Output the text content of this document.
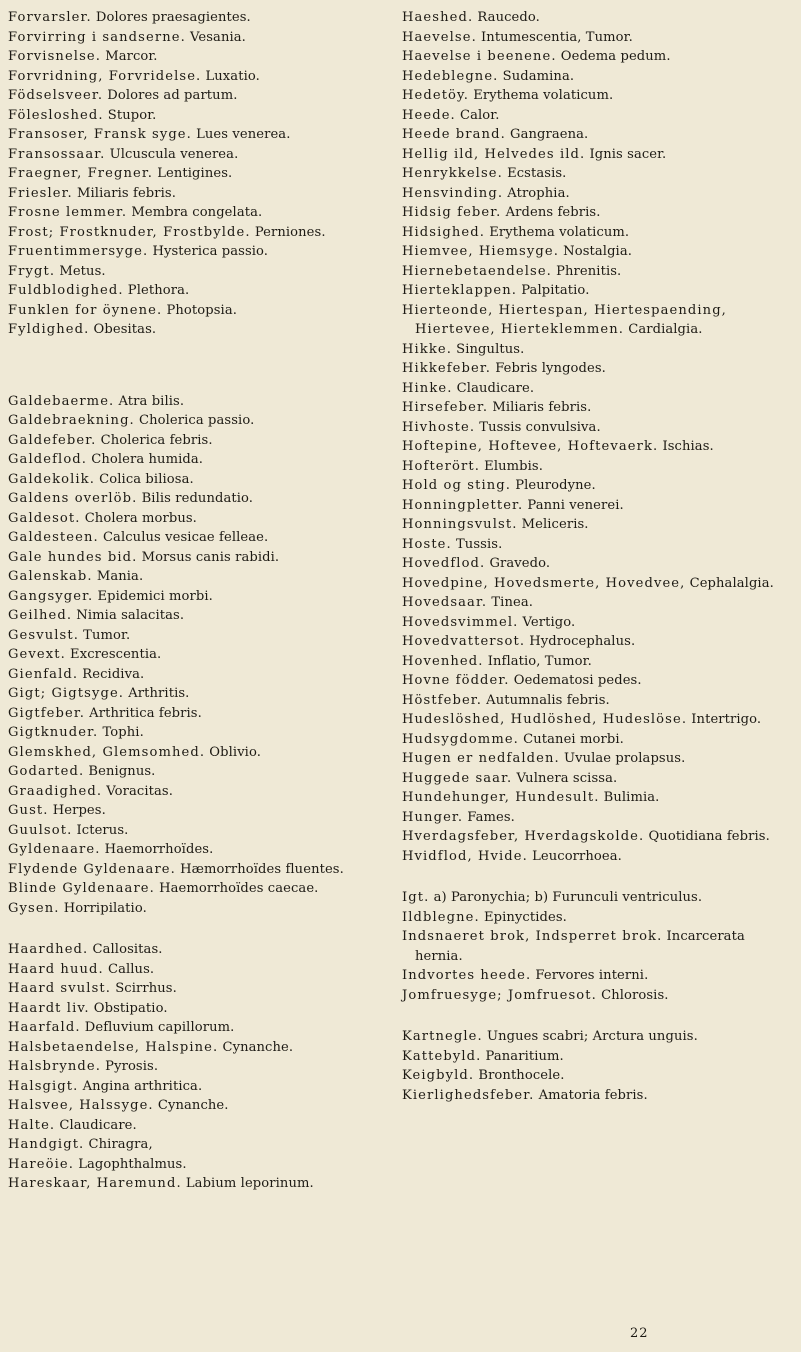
Forvarsler. Dolores praesagientes.
Forvirring i sandserne. Vesania.
Forvisnelse. Marcor.
Forvridning, Forvridelse. Luxatio.
Födselsveer. Dolores ad partum.
Fölesloshed. Stupor.
Fransoser, Fransk syge. Lues venerea.
Fransossaar. Ulcuscula venerea.
Fraegner, Fregner. Lentigines.
Friesler. Miliaris febris.
Frosne lemmer. Membra congelata.
Frost; Frostknuder, Frostbylde. Perniones.
Fruentimmersyge. Hysterica passio.
Frygt. Metus.
Fuldblodighed. Plethora.
Funklen for öynene. Photopsia.
Fyldighed. Obesitas.
Galdebaerme. Atra bilis.
Galdebraekning. Cholerica passio.
Galdefeber. Cholerica febris.
Galdeflod. Cholera humida.
Galdekolik. Colica biliosa.
Galdens overlöb. Bilis redundatio.
Galdesot. Cholera morbus.
Galdesteen. Calculus vesicae felleae.
Gale hundes bid. Morsus canis rabidi.
Galenskab. Mania.
Gangsyger. Epidemici morbi.
Geilhed. Nimia salacitas.
Gesvulst. Tumor.
Gevext. Excrescentia.
Gienfald. Recidiva.
Gigt; Gigtsyge. Arthritis.
Gigtfeber. Arthritica febris.
Gigtknuder. Tophi.
Glemskhed, Glemsomhed. Oblivio.
Godarted. Benignus.
Graadighed. Voracitas.
Gust. Herpes.
Guulsot. Icterus.
Gyldenaare. Haemorrhoïdes.
Flydende Gyldenaare. Hæmorrhoïdes fluentes.
Blinde Gyldenaare. Haemorrhoïdes caecae.
Gysen. Horripilatio.
Haardhed. Callositas.
Haard huud. Callus.
Haard svulst. Scirrhus.
Haardt liv. Obstipatio.
Haarfald. Defluvium capillorum.
Halsbetaendelse, Halspine. Cynanche.
Halsbrynde. Pyrosis.
Halsgigt. Angina arthritica.
Halsvee, Halssyge. Cynanche.
Halte. Claudicare.
Handgigt. Chiragra,
Hareöie. Lagophthalmus.
Hareskaar, Haremund. Labium leporinum.
Haeshed. Raucedo.
Haevelse. Intumescentia, Tumor.
Haevelse i beenene. Oedema pedum.
Hedeblegne. Sudamina.
Hedetöy. Erythema volaticum.
Heede. Calor.
Heede brand. Gangraena.
Hellig ild, Helvedes ild. Ignis sacer.
Henrykkelse. Ecstasis.
Hensvinding. Atrophia.
Hidsig feber. Ardens febris.
Hidsighed. Erythema volaticum.
Hiemvee, Hiemsyge. Nostalgia.
Hiernebetaendelse. Phrenitis.
Hierteklappen. Palpitatio.
Hierteonde, Hiertespan, Hiertespaending, Hiertevee, Hierteklemmen. Cardialgia.
Hikke. Singultus.
Hikkefeber. Febris lyngodes.
Hinke. Claudicare.
Hirsefeber. Miliaris febris.
Hivhoste. Tussis convulsiva.
Hoftepine, Hoftevee, Hoftevaerk. Ischias.
Hofterört. Elumbis.
Hold og sting. Pleurodyne.
Honningpletter. Panni venerei.
Honningsvulst. Meliceris.
Hoste. Tussis.
Hovedflod. Gravedo.
Hovedpine, Hovedsmerte, Hovedvee, Cephalalgia.
Hovedsaar. Tinea.
Hovedsvimmel. Vertigo.
Hovedvattersot. Hydrocephalus.
Hovenhed. Inflatio, Tumor.
Hovne födder. Oedematosi pedes.
Höstfeber. Autumnalis febris.
Hudeslöshed, Hudlöshed, Hudeslöse. Intertrigo.
Hudsygdomme. Cutanei morbi.
Hugen er nedfalden. Uvulae prolapsus.
Huggede saar. Vulnera scissa.
Hundehunger, Hundesult. Bulimia.
Hunger. Fames.
Hverdagsfeber, Hverdagskolde. Quotidiana febris.
Hvidflod, Hvide. Leucorrhoea.
Igt. a) Paronychia; b) Furunculi ventriculus.
Ildblegne. Epinyctides.
Indsnaeret brok, Indsperret brok. Incarcerata hernia.
Indvortes heede. Fervores interni.
Jomfruesyge; Jomfruesot. Chlorosis.
Kartnegle. Ungues scabri; Arctura unguis.
Kattebyld. Panaritium.
Keigbyld. Bronthocele.
Kierlighedsfeber. Amatoria febris.
22
